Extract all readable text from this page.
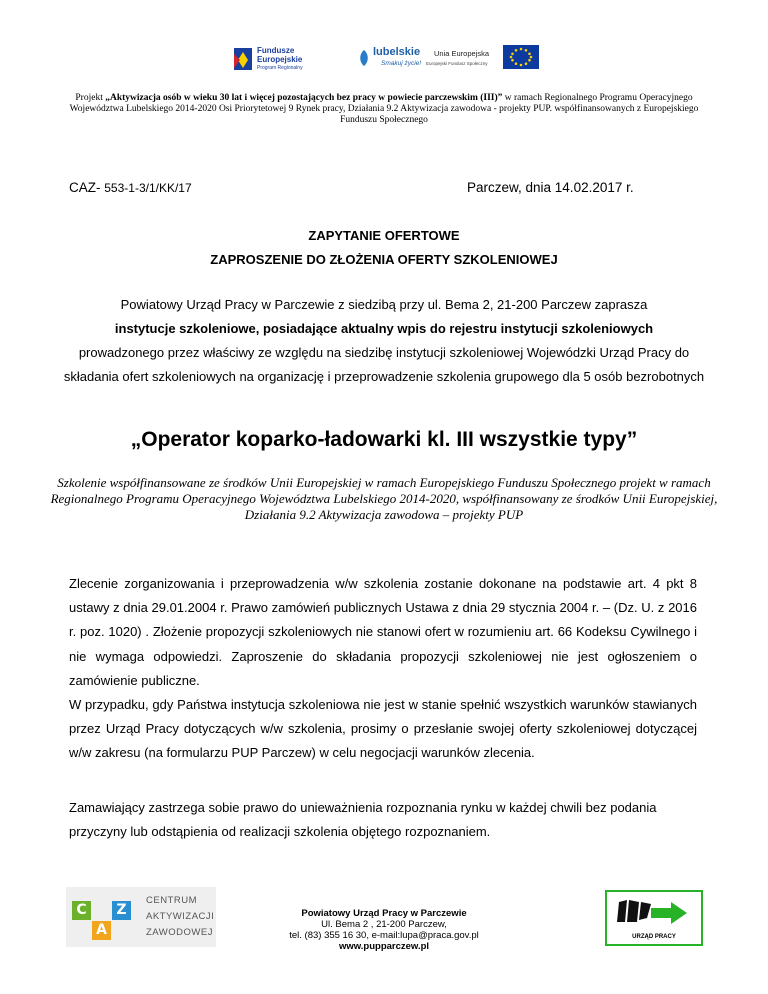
Fundusze
Europejskie
Program Regionalny
lubelskie
Smakuj życie!
Unia Europejska
Europejski Fundusz Społeczny
Projekt „Aktywizacja osób w wieku 30 lat i więcej pozostających bez pracy w powiecie parczewskim (III)” w ramach Regionalnego Programu Operacyjnego Województwa Lubelskiego 2014-2020 Osi Priorytetowej 9 Rynek pracy, Działania 9.2 Aktywizacja zawodowa - projekty PUP. współfinansowanych z Europejskiego Funduszu Społecznego
CAZ- 553-1-3/1/KK/17	Parczew, dnia 14.02.2017 r.
ZAPYTANIE OFERTOWE
ZAPROSZENIE DO ZŁOŻENIA OFERTY SZKOLENIOWEJ
Powiatowy Urząd Pracy w Parczewie z siedzibą przy ul. Bema 2, 21-200 Parczew zaprasza
instytucje szkoleniowe, posiadające aktualny wpis do rejestru instytucji szkoleniowych
prowadzonego przez właściwy ze względu na siedzibę instytucji szkoleniowej Wojewódzki Urząd Pracy do składania ofert szkoleniowych na organizację i przeprowadzenie szkolenia grupowego dla 5 osób bezrobotnych
„Operator koparko-ładowarki kl. III wszystkie typy”
Szkolenie współfinansowane ze środków Unii Europejskiej w ramach Europejskiego Funduszu Społecznego projekt w ramach Regionalnego Programu Operacyjnego Województwa Lubelskiego 2014-2020, współfinansowany ze środków Unii Europejskiej, Działania 9.2 Aktywizacja zawodowa – projekty PUP

Zlecenie zorganizowania i przeprowadzenia w/w szkolenia zostanie dokonane na podstawie art. 4 pkt 8 ustawy z dnia 29.01.2004 r. Prawo zamówień publicznych Ustawa z dnia 29 stycznia 2004 r. – (Dz. U. z 2016 r. poz. 1020) . Złożenie propozycji szkoleniowych nie stanowi ofert w rozumieniu art. 66 Kodeksu Cywilnego i nie wymaga odpowiedzi. Zaproszenie do składania propozycji szkoleniowej nie jest ogłoszeniem o zamówienie publiczne.

W przypadku, gdy Państwa instytucja szkoleniowa nie jest w stanie spełnić wszystkich warunków stawianych przez Urząd Pracy dotyczących w/w szkolenia, prosimy o przesłanie swojej oferty szkoleniowej dotyczącej w/w zakresu (na formularzu PUP Parczew) w celu negocjacji warunków zlecenia.

Zamawiający zastrzega sobie prawo do unieważnienia rozpoznania rynku w każdej chwili bez podania przyczyny lub odstąpienia od realizacji szkolenia objętego rozpoznaniem.
C
A
Z
CENTRUM
AKTYWIZACJI
ZAWODOWEJ
Powiatowy Urząd Pracy w Parczewie
Ul. Bema 2 , 21-200 Parczew,
tel. (83) 355 16 30, e-mail:lupa@praca.gov.pl
www.pupparczew.pl
URZĄD PRACY
